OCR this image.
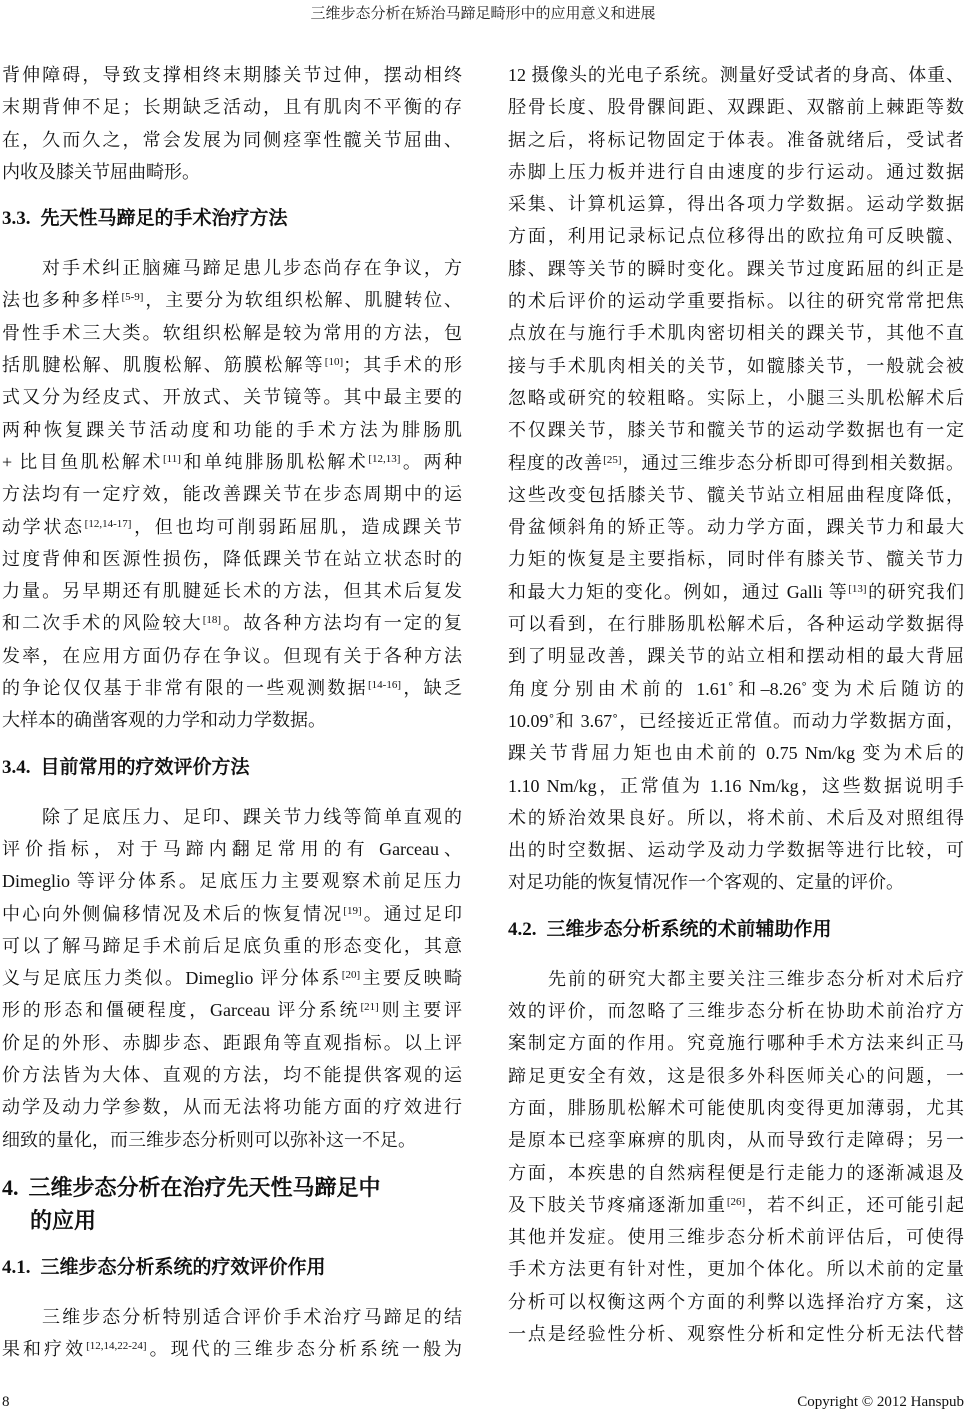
三维步态分析在矫治马蹄足畸形中的应用意义和进展
背伸障碍，导致支撑相终末期膝关节过伸，摆动相终
末期背伸不足；长期缺乏活动，且有肌肉不平衡的存
在，久而久之，常会发展为同侧痉挛性髋关节屈曲、
内收及膝关节屈曲畸形。
3.3. 先天性马蹄足的手术治疗方法
对手术纠正脑瘫马蹄足患儿步态尚存在争议，方
法也多种多样[5-9]，主要分为软组织松解、肌腱转位、
骨性手术三大类。软组织松解是较为常用的方法，包
括肌腱松解、肌腹松解、筋膜松解等[10]；其手术的形
式又分为经皮式、开放式、关节镜等。其中最主要的
两种恢复踝关节活动度和功能的手术方法为腓肠肌
+ 比目鱼肌松解术[11]和单纯腓肠肌松解术[12,13]。两种
方法均有一定疗效，能改善踝关节在步态周期中的运
动学状态[12,14-17]，但也均可削弱跖屈肌，造成踝关节
过度背伸和医源性损伤，降低踝关节在站立状态时的
力量。另早期还有肌腱延长术的方法，但其术后复发
和二次手术的风险较大[18]。故各种方法均有一定的复
发率，在应用方面仍存在争议。但现有关于各种方法
的争论仅仅基于非常有限的一些观测数据[14-16]，缺乏
大样本的确凿客观的力学和动力学数据。
3.4. 目前常用的疗效评价方法
除了足底压力、足印、踝关节力线等简单直观的
评价指标，对于马蹄内翻足常用的有 Garceau、
Dimeglio 等评分体系。足底压力主要观察术前足压力
中心向外侧偏移情况及术后的恢复情况[19]。通过足印
可以了解马蹄足手术前后足底负重的形态变化，其意
义与足底压力类似。Dimeglio 评分体系[20]主要反映畸
形的形态和僵硬程度，Garceau 评分系统[21]则主要评
价足的外形、赤脚步态、距跟角等直观指标。以上评
价方法皆为大体、直观的方法，均不能提供客观的运
动学及动力学参数，从而无法将功能方面的疗效进行
细致的量化，而三维步态分析则可以弥补这一不足。
4. 三维步态分析在治疗先天性马蹄足中
的应用
4.1. 三维步态分析系统的疗效评价作用
三维步态分析特别适合评价手术治疗马蹄足的结
果和疗效[12,14,22-24]。现代的三维步态分析系统一般为
12 摄像头的光电子系统。测量好受试者的身高、体重、
胫骨长度、股骨髁间距、双踝距、双髂前上棘距等数
据之后，将标记物固定于体表。准备就绪后，受试者
赤脚上压力板并进行自由速度的步行运动。通过数据
采集、计算机运算，得出各项力学数据。运动学数据
方面，利用记录标记点位移得出的欧拉角可反映髋、
膝、踝等关节的瞬时变化。踝关节过度跖屈的纠正是
的术后评价的运动学重要指标。以往的研究常常把焦
点放在与施行手术肌肉密切相关的踝关节，其他不直
接与手术肌肉相关的关节，如髋膝关节，一般就会被
忽略或研究的较粗略。实际上，小腿三头肌松解术后
不仅踝关节，膝关节和髋关节的运动学数据也有一定
程度的改善[25]，通过三维步态分析即可得到相关数据。
这些改变包括膝关节、髋关节站立相屈曲程度降低，
骨盆倾斜角的矫正等。动力学方面，踝关节力和最大
力矩的恢复是主要指标，同时伴有膝关节、髋关节力
和最大力矩的变化。例如，通过 Galli 等[13]的研究我们
可以看到，在行腓肠肌松解术后，各种运动学数据得
到了明显改善，踝关节的站立相和摆动相的最大背屈
角度分别由术前的 1.61˚和–8.26˚变为术后随访的
10.09˚和 3.67˚，已经接近正常值。而动力学数据方面，
踝关节背屈力矩也由术前的 0.75 Nm/kg 变为术后的
1.10 Nm/kg，正常值为 1.16 Nm/kg，这些数据说明手
术的矫治效果良好。所以，将术前、术后及对照组得
出的时空数据、运动学及动力学数据等进行比较，可
对足功能的恢复情况作一个客观的、定量的评价。
4.2. 三维步态分析系统的术前辅助作用
先前的研究大都主要关注三维步态分析对术后疗
效的评价，而忽略了三维步态分析在协助术前治疗方
案制定方面的作用。究竟施行哪种手术方法来纠正马
蹄足更安全有效，这是很多外科医师关心的问题，一
方面，腓肠肌松解术可能使肌肉变得更加薄弱，尤其
是原本已痉挛麻痹的肌肉，从而导致行走障碍；另一
方面，本疾患的自然病程便是行走能力的逐渐减退及
及下肢关节疼痛逐渐加重[26]，若不纠正，还可能引起
其他并发症。使用三维步态分析术前评估后，可使得
手术方法更有针对性，更加个体化。所以术前的定量
分析可以权衡这两个方面的利弊以选择治疗方案，这
一点是经验性分析、观察性分析和定性分析无法代替
8	Copyright © 2012 Hanspub
